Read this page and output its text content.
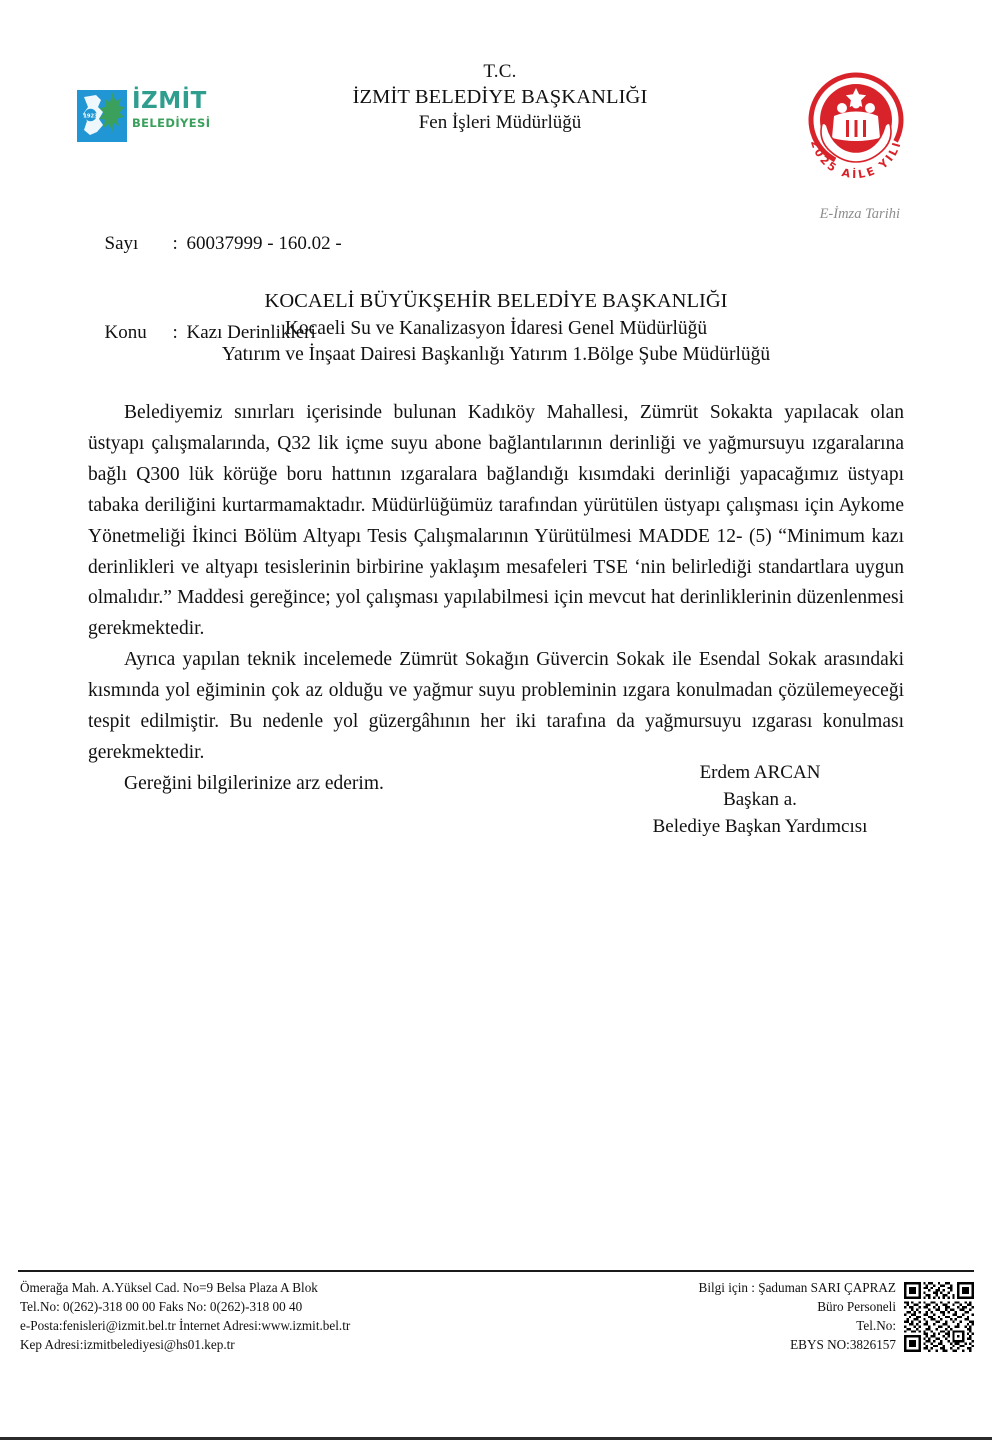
1923

İZMİT

BELEDİYESİ

T.C.
İZMİT BELEDİYE BAŞKANLIĞI
Fen İşleri Müdürlüğü
2025 AİLE YILI

Sayı : 60037999 - 160.02 -

Konu : Kazı Derinlikleri

E-İmza Tarihi
KOCAELİ BÜYÜKŞEHİR BELEDİYE BAŞKANLIĞI
Kocaeli Su ve Kanalizasyon İdaresi Genel Müdürlüğü
Yatırım ve İnşaat Dairesi Başkanlığı Yatırım 1.Bölge Şube Müdürlüğü

Belediyemiz sınırları içerisinde bulunan Kadıköy Mahallesi, Zümrüt Sokakta yapılacak olan üstyapı çalışmalarında, Q32 lik içme suyu abone bağlantılarının derinliği ve yağmursuyu ızgaralarına bağlı Q300 lük körüğe boru hattının ızgaralara bağlandığı kısımdaki derinliği yapacağımız üstyapı tabaka deriliğini kurtarmamaktadır. Müdürlüğümüz tarafından yürütülen üstyapı çalışması için Aykome Yönetmeliği İkinci Bölüm Altyapı Tesis Çalışmalarının Yürütülmesi MADDE 12- (5) “Minimum kazı derinlikleri ve altyapı tesislerinin birbirine yaklaşım mesafeleri TSE ‘nin belirlediği standartlara uygun olmalıdır.” Maddesi gereğince; yol çalışması yapılabilmesi için mevcut hat derinliklerinin düzenlenmesi gerekmektedir.

Ayrıca yapılan teknik incelemede Zümrüt Sokağın Güvercin Sokak ile Esendal Sokak arasındaki kısmında yol eğiminin çok az olduğu ve yağmur suyu probleminin ızgara konulmadan çözülemeyeceği tespit edilmiştir. Bu nedenle yol güzergâhının her iki tarafına da yağmursuyu ızgarası konulması gerekmektedir.

Gereğini bilgilerinize arz ederim.

Erdem ARCAN
Başkan a.
Belediye Başkan Yardımcısı
Ömerağa Mah. A.Yüksel Cad. No=9 Belsa Plaza A Blok
Tel.No: 0(262)-318 00 00 Faks No: 0(262)-318 00 40
e-Posta:fenisleri@izmit.bel.tr İnternet Adresi:www.izmit.bel.tr
Kep Adresi:izmitbelediyesi@hs01.kep.tr
Bilgi için : Şaduman SARI ÇAPRAZ
Büro Personeli
Tel.No:
EBYS NO:3826157
